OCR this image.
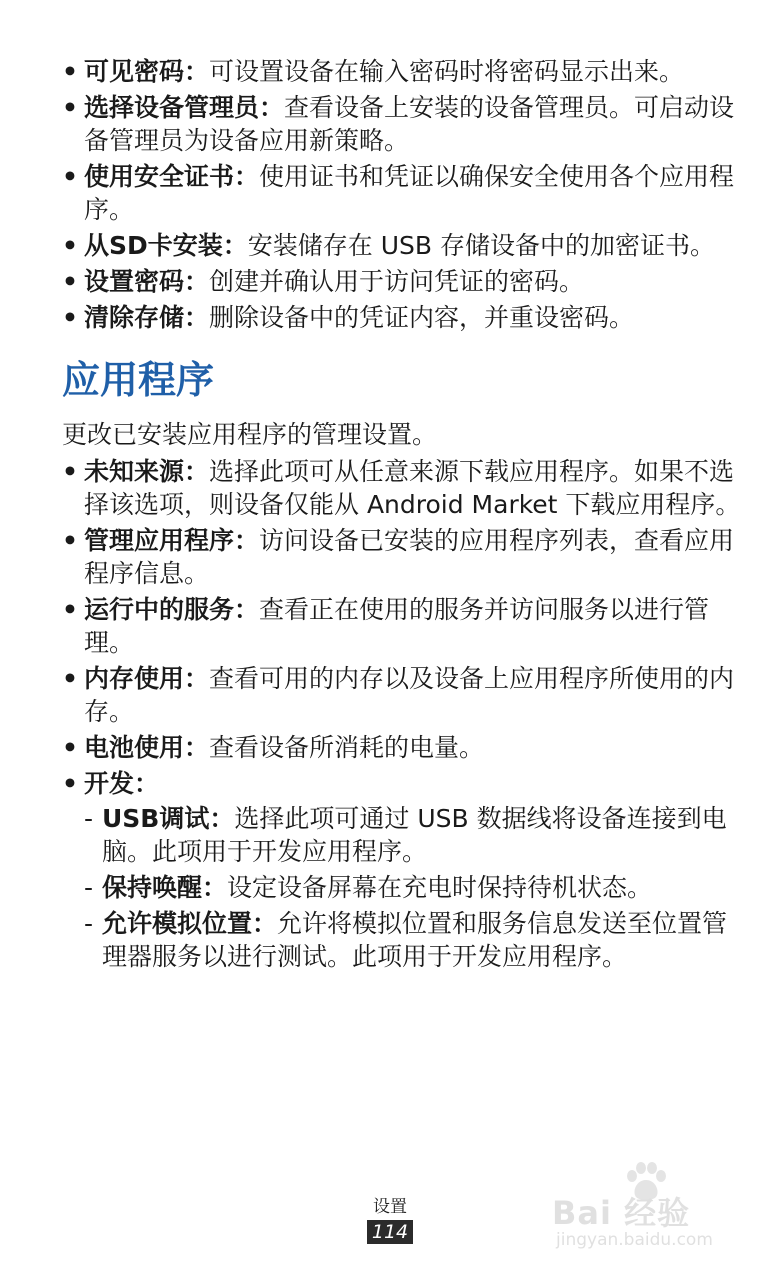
• 可见密码：可设置设备在输入密码时将密码显示出来。
• 选择设备管理员：查看设备上安装的设备管理员。可启动设备管理员为设备应用新策略。
• 使用安全证书：使用证书和凭证以确保安全使用各个应用程序。
• 从SD卡安装：安装储存在 USB 存储设备中的加密证书。
• 设置密码：创建并确认用于访问凭证的密码。
• 清除存储：删除设备中的凭证内容，并重设密码。
应用程序

更改已安装应用程序的管理设置。

• 未知来源：选择此项可从任意来源下载应用程序。如果不选择该选项，则设备仅能从 Android Market 下载应用程序。
• 管理应用程序：访问设备已安装的应用程序列表，查看应用程序信息。
• 运行中的服务：查看正在使用的服务并访问服务以进行管理。
• 内存使用：查看可用的内存以及设备上应用程序所使用的内存。
• 电池使用：查看设备所消耗的电量。
• 开发：
- USB调试：选择此项可通过 USB 数据线将设备连接到电脑。此项用于开发应用程序。
- 保持唤醒：设定设备屏幕在充电时保持待机状态。
- 允许模拟位置：允许将模拟位置和服务信息发送至位置管理器服务以进行测试。此项用于开发应用程序。
设置
114	Bai 经验
jingyan.baidu.com
